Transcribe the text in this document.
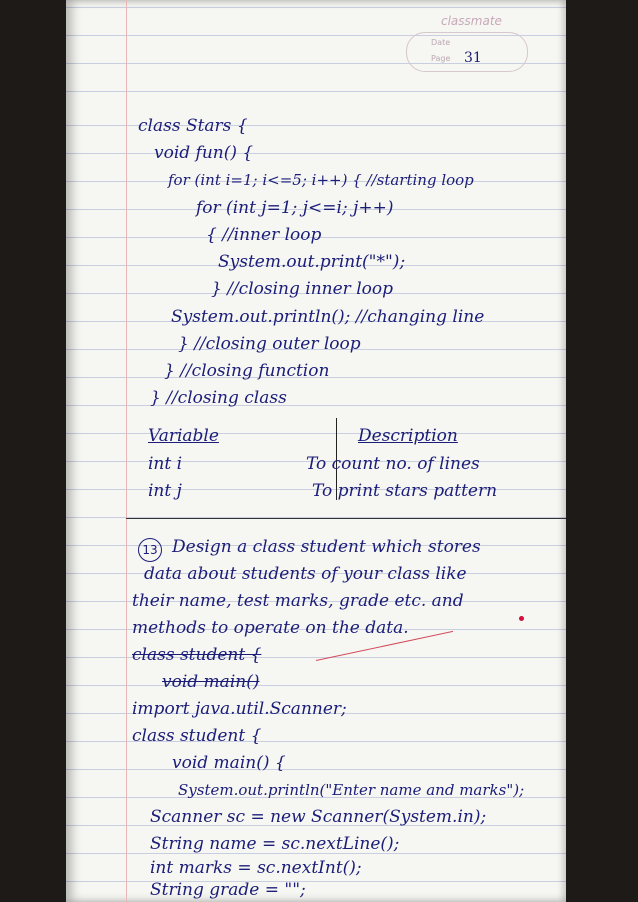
classmate
Date
Page 31
class Stars {
void fun() {
for (int i=1; i<=5; i++) { //starting loop
for (int j=1; j<=i; j++)
{ //inner loop
System.out.print("*");
} //closing inner loop
System.out.println(); //changing line
} //closing outer loop
} //closing function
} //closing class
Variable	Description
int i	To count no. of lines
int j	To print stars pattern
13 Design a class student which stores
data about students of your class like
their name, test marks, grade etc. and
methods to operate on the data.
class student {
void main()
import java.util.Scanner;
class student {
void main() {
System.out.println("Enter name and marks");
Scanner sc = new Scanner(System.in);
String name = sc.nextLine();
int marks = sc.nextInt();
String grade = "";
